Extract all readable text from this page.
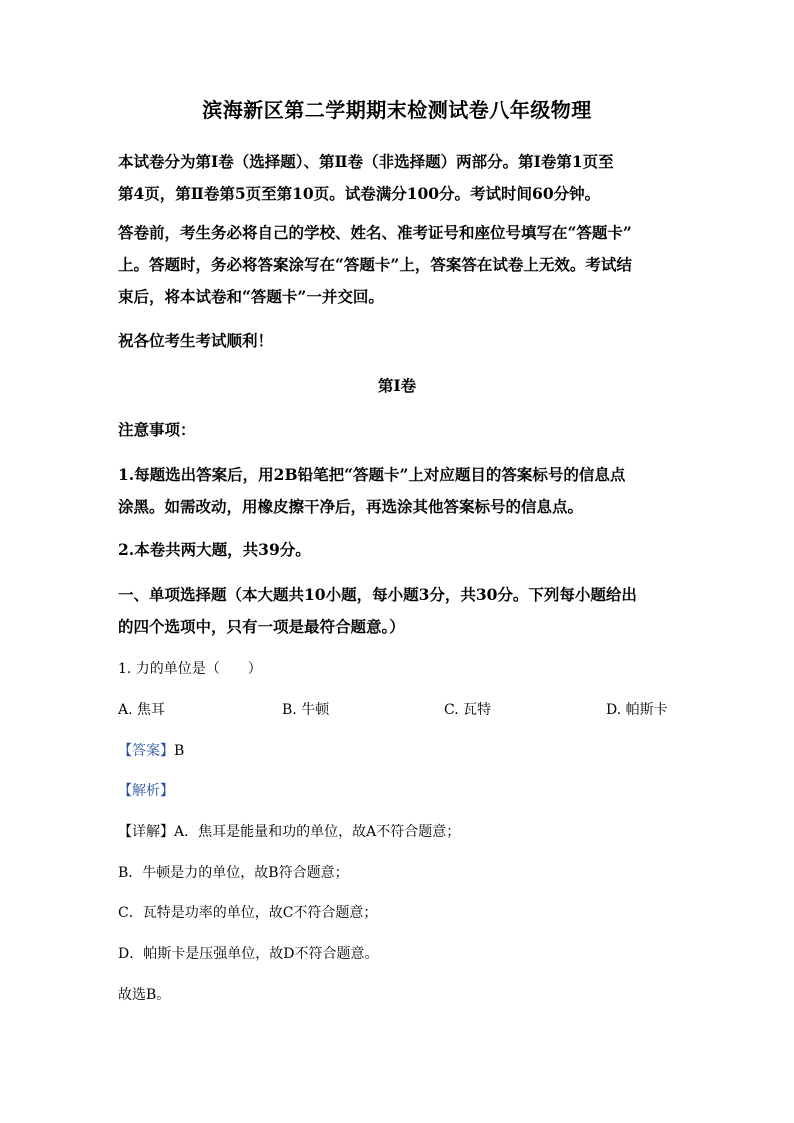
滨海新区第二学期期末检测试卷八年级物理
本试卷分为第Ⅰ卷（选择题）、第Ⅱ卷（非选择题）两部分。第Ⅰ卷第1页至
第4页，第Ⅱ卷第5页至第10页。试卷满分100分。考试时间60分钟。
答卷前，考生务必将自己的学校、姓名、准考证号和座位号填写在“答题卡”
上。答题时，务必将答案涂写在“答题卡”上，答案答在试卷上无效。考试结
束后，将本试卷和“答题卡”一并交回。
祝各位考生考试顺利！
第Ⅰ卷
注意事项：
1.每题选出答案后，用2B铅笔把“答题卡”上对应题目的答案标号的信息点
涂黑。如需改动，用橡皮擦干净后，再选涂其他答案标号的信息点。
2.本卷共两大题，共39分。
一、单项选择题（本大题共10小题，每小题3分，共30分。下列每小题给出
的四个选项中，只有一项是最符合题意。）
1. 力的单位是（　　）
A. 焦耳	B. 牛顿	C. 瓦特	D. 帕斯卡
【答案】B
【解析】
【详解】A．焦耳是能量和功的单位，故A不符合题意；
B．牛顿是力的单位，故B符合题意；
C．瓦特是功率的单位，故C不符合题意；
D．帕斯卡是压强单位，故D不符合题意。
故选B。
